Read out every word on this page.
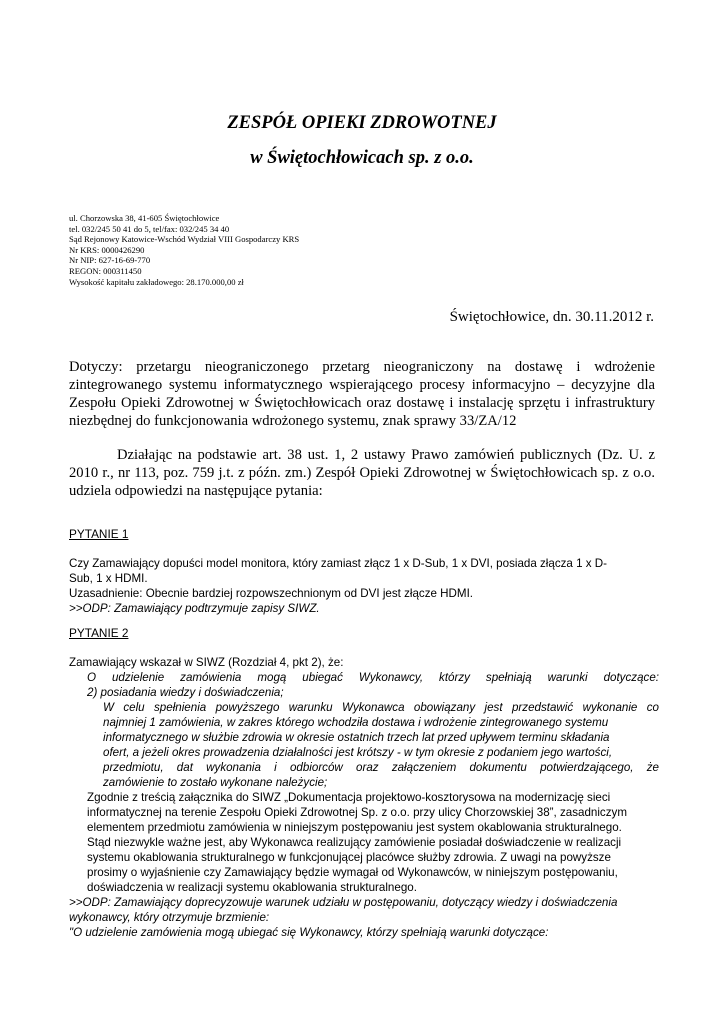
ZESPÓŁ OPIEKI ZDROWOTNEJ
w Świętochłowicach sp. z o.o.
ul. Chorzowska 38, 41-605 Świętochłowice
tel. 032/245 50 41 do 5, tel/fax: 032/245 34 40
Sąd Rejonowy Katowice-Wschód Wydział VIII Gospodarczy KRS
Nr KRS: 0000426290
Nr NIP: 627-16-69-770
REGON: 000311450
Wysokość kapitału zakładowego: 28.170.000,00 zł
Świętochłowice, dn. 30.11.2012 r.
Dotyczy: przetargu nieograniczonego przetarg nieograniczony na dostawę i wdrożenie zintegrowanego systemu informatycznego wspierającego procesy informacyjno – decyzyjne dla Zespołu Opieki Zdrowotnej w Świętochłowicach oraz dostawę i instalację sprzętu i infrastruktury niezbędnej do funkcjonowania wdrożonego systemu, znak sprawy 33/ZA/12
Działając na podstawie art. 38 ust. 1, 2 ustawy Prawo zamówień publicznych (Dz. U. z 2010 r., nr 113, poz. 759 j.t. z późn. zm.) Zespół Opieki Zdrowotnej w Świętochłowicach sp. z o.o. udziela odpowiedzi na następujące pytania:
PYTANIE 1
Czy Zamawiający dopuści model monitora, który zamiast złącz 1 x D-Sub, 1 x DVI, posiada złącza 1 x D-
Sub, 1 x HDMI.
Uzasadnienie: Obecnie bardziej rozpowszechnionym od DVI jest złącze HDMI.
>>ODP: Zamawiający podtrzymuje zapisy SIWZ.
PYTANIE 2
Zamawiający wskazał w SIWZ (Rozdział 4, pkt 2), że:
O udzielenie zamówienia mogą ubiegać Wykonawcy, którzy spełniają warunki dotyczące:
2) posiadania wiedzy i doświadczenia;
W celu spełnienia powyższego warunku Wykonawca obowiązany jest przedstawić wykonanie co
najmniej 1 zamówienia, w zakres którego wchodziła dostawa i wdrożenie zintegrowanego systemu
informatycznego w służbie zdrowia w okresie ostatnich trzech lat przed upływem terminu składania
ofert, a jeżeli okres prowadzenia działalności jest krótszy - w tym okresie z podaniem jego wartości,
przedmiotu, dat wykonania i odbiorców oraz załączeniem dokumentu potwierdzającego, że
zamówienie to zostało wykonane należycie;
Zgodnie z treścią załącznika do SIWZ „Dokumentacja projektowo-kosztorysowa na modernizację sieci
informatycznej na terenie Zespołu Opieki Zdrowotnej Sp. z o.o. przy ulicy Chorzowskiej 38”, zasadniczym
elementem przedmiotu zamówienia w niniejszym postępowaniu jest system okablowania strukturalnego.
Stąd niezwykle ważne jest, aby Wykonawca realizujący zamówienie posiadał doświadczenie w realizacji
systemu okablowania strukturalnego w funkcjonującej placówce służby zdrowia. Z uwagi na powyższe
prosimy o wyjaśnienie czy Zamawiający będzie wymagał od Wykonawców, w niniejszym postępowaniu,
doświadczenia w realizacji systemu okablowania strukturalnego.
>>ODP: Zamawiający doprecyzowuje warunek udziału w postępowaniu, dotyczący wiedzy i doświadczenia
wykonawcy, który otrzymuje brzmienie:
"O udzielenie zamówienia mogą ubiegać się Wykonawcy, którzy spełniają warunki dotyczące:
